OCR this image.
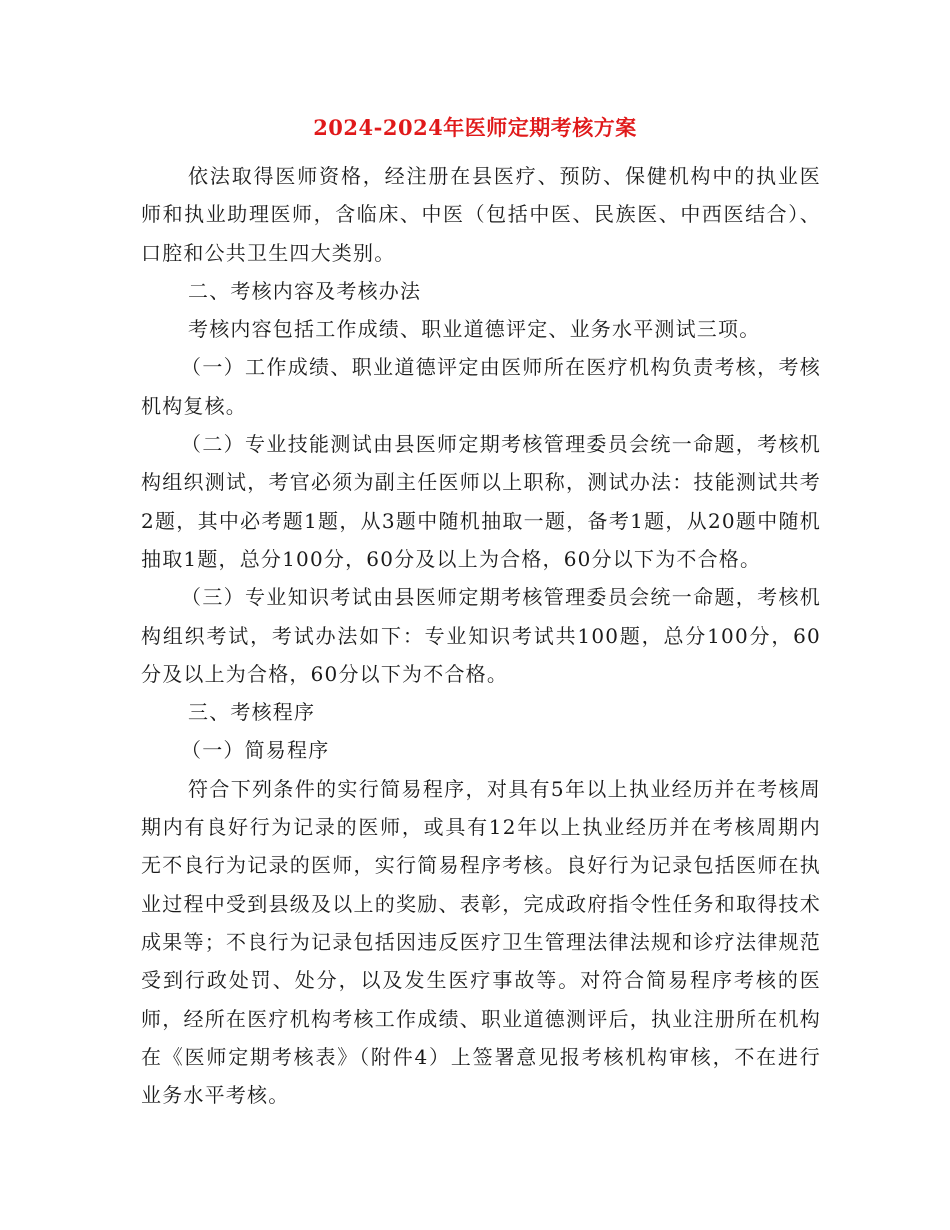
2024-2024年医师定期考核方案

依法取得医师资格，经注册在县医疗、预防、保健机构中的执业医师和执业助理医师，含临床、中医（包括中医、民族医、中西医结合）、口腔和公共卫生四大类别。

二、考核内容及考核办法

考核内容包括工作成绩、职业道德评定、业务水平测试三项。

（一）工作成绩、职业道德评定由医师所在医疗机构负责考核，考核机构复核。

（二）专业技能测试由县医师定期考核管理委员会统一命题，考核机构组织测试，考官必须为副主任医师以上职称，测试办法：技能测试共考2题，其中必考题1题，从3题中随机抽取一题，备考1题，从20题中随机抽取1题，总分100分，60分及以上为合格，60分以下为不合格。

（三）专业知识考试由县医师定期考核管理委员会统一命题，考核机构组织考试，考试办法如下：专业知识考试共100题，总分100分，60分及以上为合格，60分以下为不合格。

三、考核程序

（一）简易程序

符合下列条件的实行简易程序，对具有5年以上执业经历并在考核周期内有良好行为记录的医师，或具有12年以上执业经历并在考核周期内无不良行为记录的医师，实行简易程序考核。良好行为记录包括医师在执业过程中受到县级及以上的奖励、表彰，完成政府指令性任务和取得技术成果等；不良行为记录包括因违反医疗卫生管理法律法规和诊疗法律规范受到行政处罚、处分，以及发生医疗事故等。对符合简易程序考核的医师，经所在医疗机构考核工作成绩、职业道德测评后，执业注册所在机构在《医师定期考核表》（附件4）上签署意见报考核机构审核，不在进行业务水平考核。
